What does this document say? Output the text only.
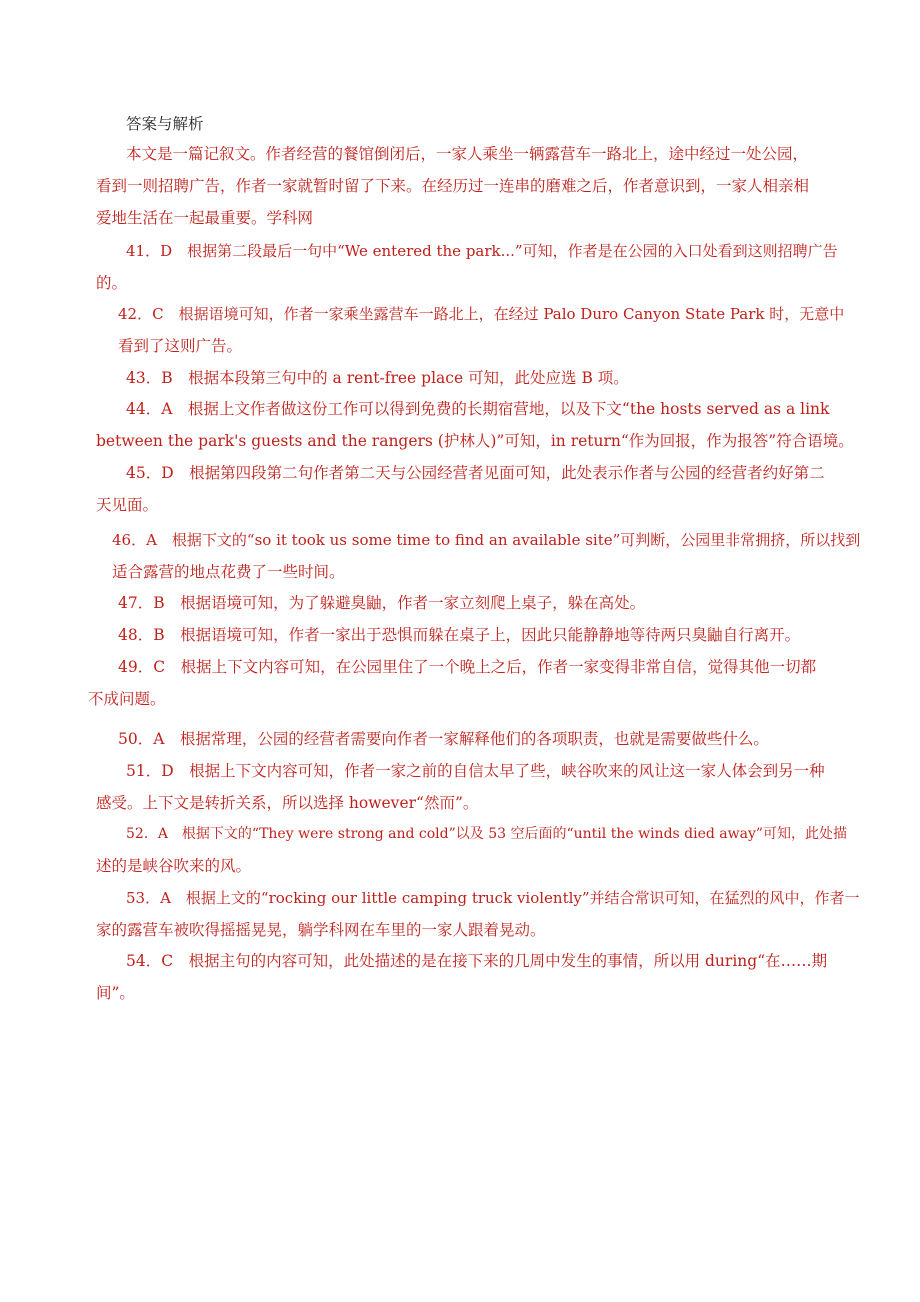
答案与解析
本文是一篇记叙文。作者经营的餐馆倒闭后，一家人乘坐一辆露营车一路北上，途中经过一处公园，
看到一则招聘广告，作者一家就暂时留了下来。在经历过一连串的磨难之后，作者意识到，一家人相亲相
爱地生活在一起最重要。学科网
41．D　根据第二段最后一句中“We entered the park...”可知，作者是在公园的入口处看到这则招聘广告
的。
42．C　根据语境可知，作者一家乘坐露营车一路北上，在经过 Palo Duro Canyon State Park 时，无意中
看到了这则广告。
43．B　根据本段第三句中的 a rent-free place 可知，此处应选 B 项。
44．A　根据上文作者做这份工作可以得到免费的长期宿营地，以及下文“the hosts served as a link
between the park's guests and the rangers (护林人)”可知，in return“作为回报，作为报答”符合语境。
45．D　根据第四段第二句作者第二天与公园经营者见面可知，此处表示作者与公园的经营者约好第二
天见面。
46．A　根据下文的“so it took us some time to find an available site”可判断，公园里非常拥挤，所以找到
适合露营的地点花费了一些时间。
47．B　根据语境可知，为了躲避臭鼬，作者一家立刻爬上桌子，躲在高处。
48．B　根据语境可知，作者一家出于恐惧而躲在桌子上，因此只能静静地等待两只臭鼬自行离开。
49．C　根据上下文内容可知，在公园里住了一个晚上之后，作者一家变得非常自信，觉得其他一切都
不成问题。
50．A　根据常理，公园的经营者需要向作者一家解释他们的各项职责，也就是需要做些什么。
51．D　根据上下文内容可知，作者一家之前的自信太早了些，峡谷吹来的风让这一家人体会到另一种
感受。上下文是转折关系，所以选择 however“然而”。
52．A　根据下文的“They were strong and cold”以及 53 空后面的“until the winds died away”可知，此处描
述的是峡谷吹来的风。
53．A　根据上文的“rocking our little camping truck violently”并结合常识可知，在猛烈的风中，作者一
家的露营车被吹得摇摇晃晃，躺学科网在车里的一家人跟着晃动。
54．C　根据主句的内容可知，此处描述的是在接下来的几周中发生的事情，所以用 during“在……期
间”。
